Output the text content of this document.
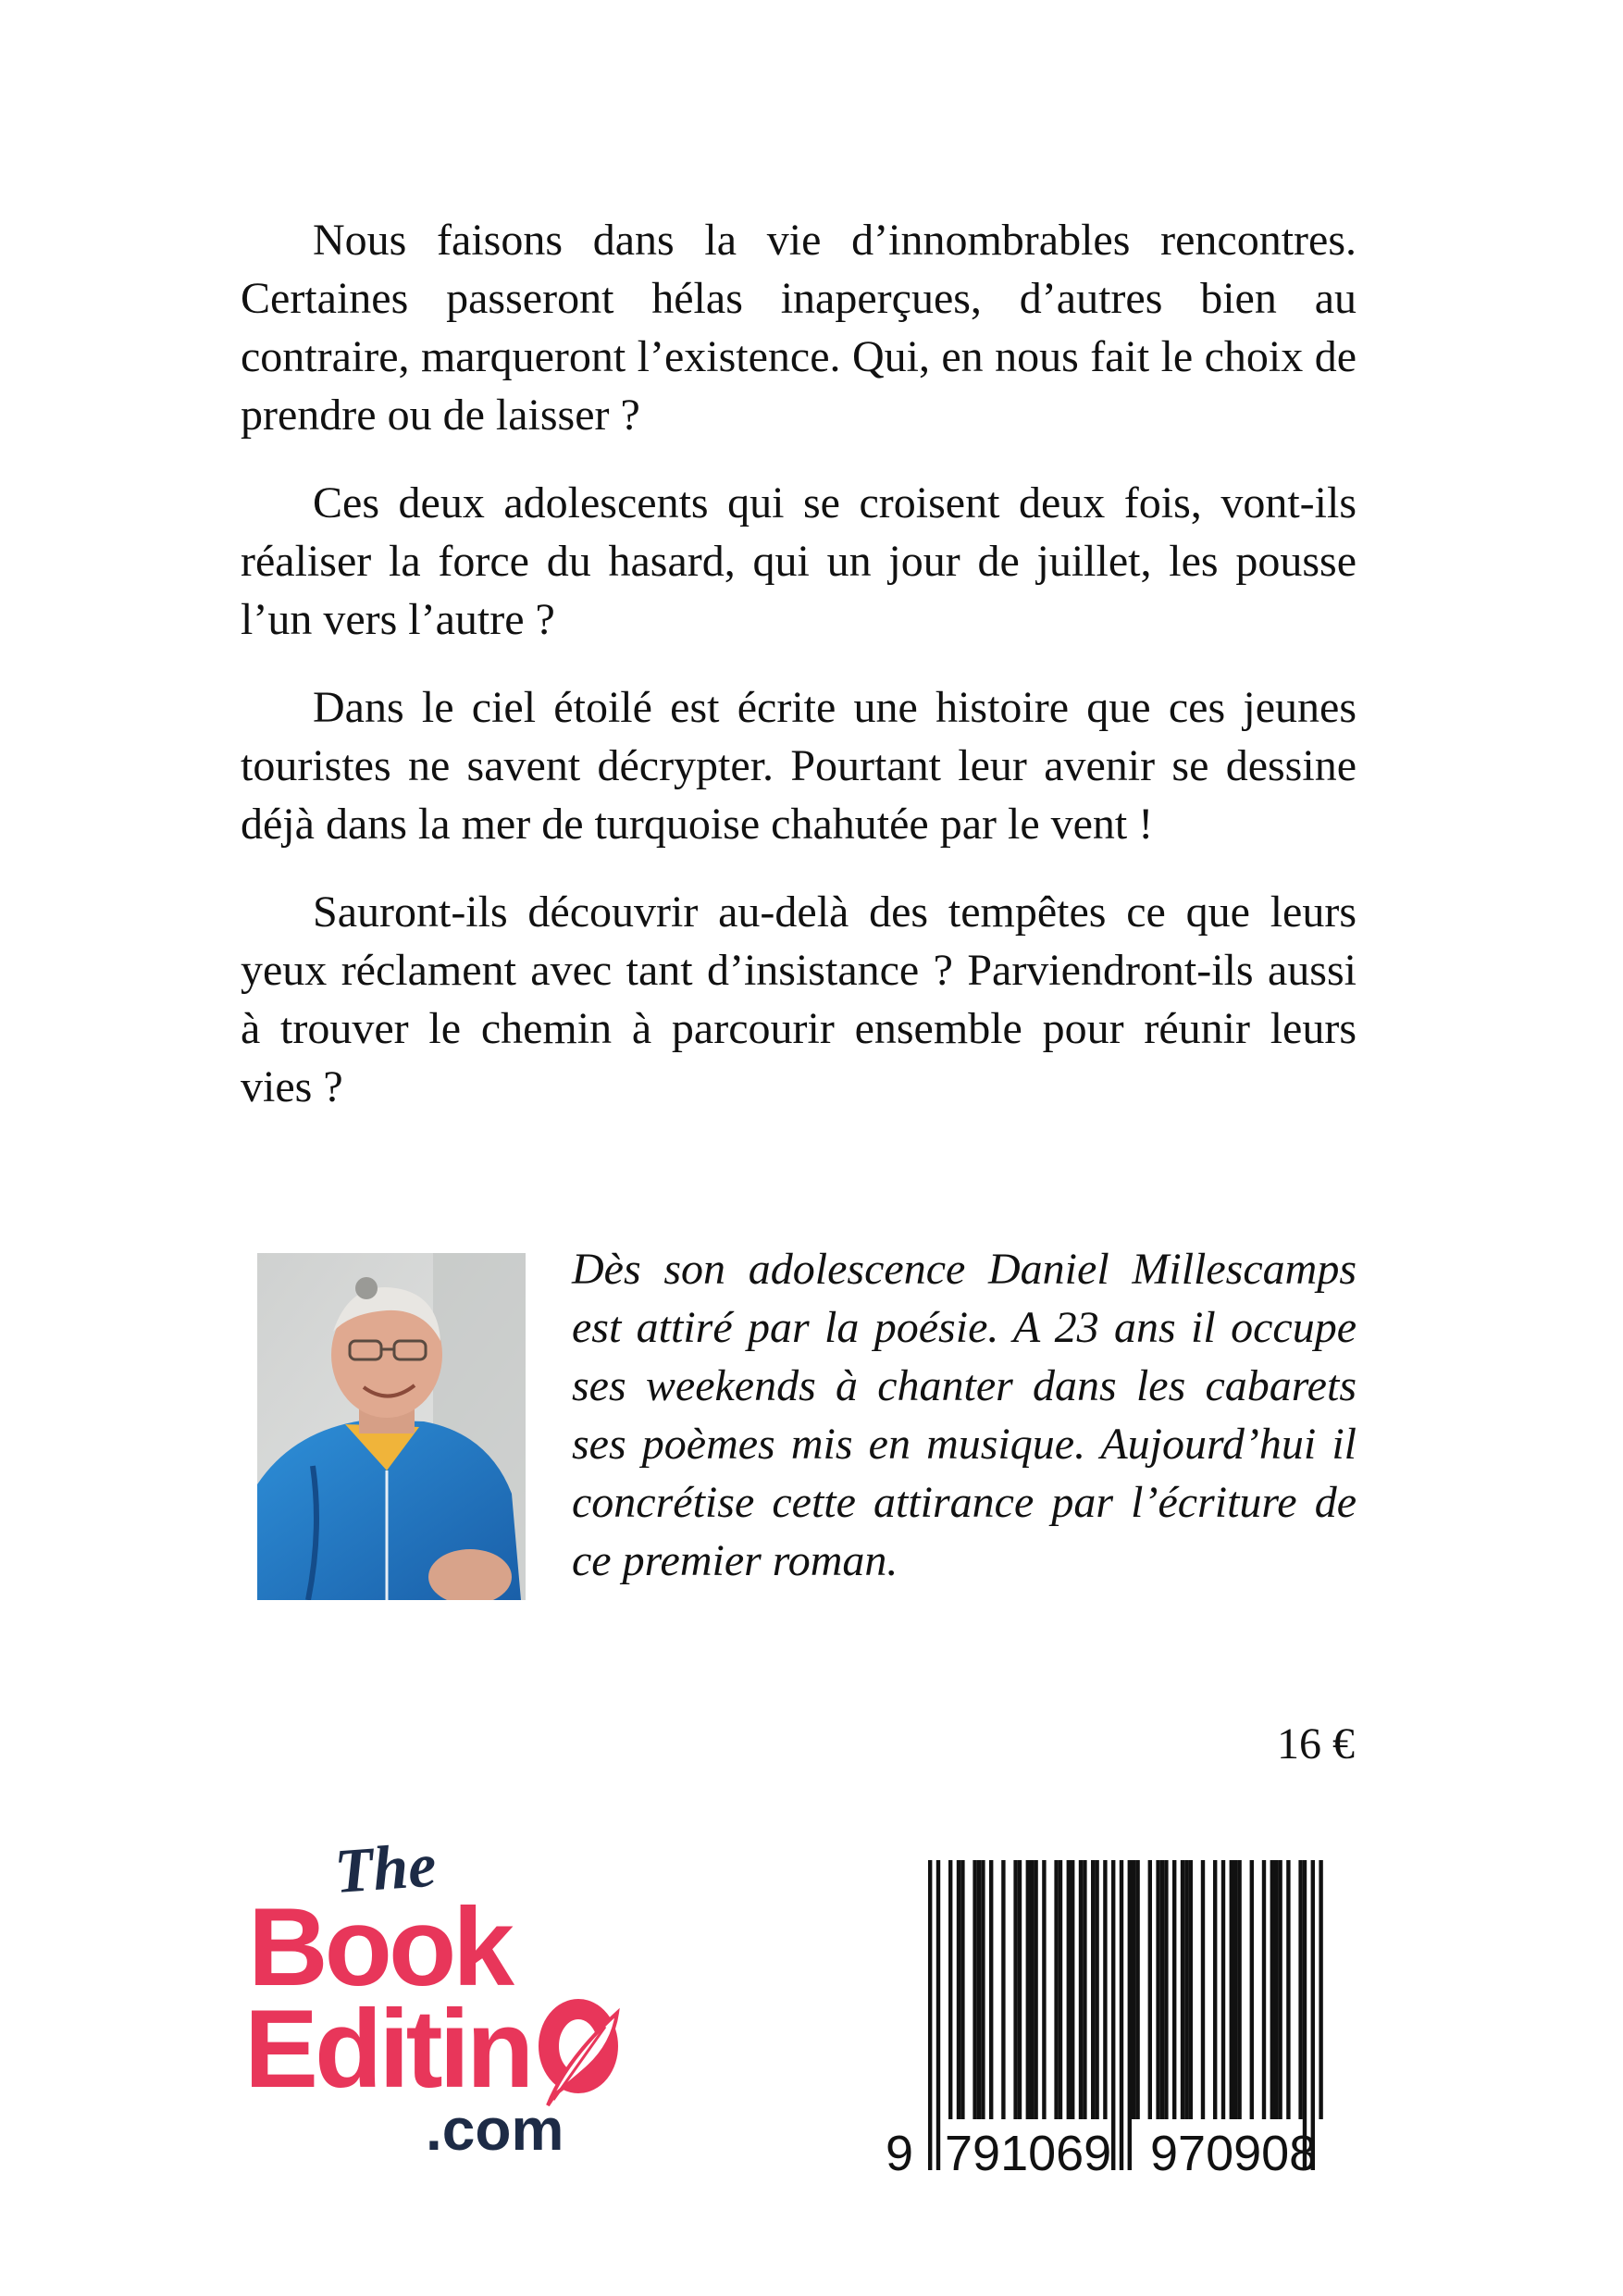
Nous faisons dans la vie d’innombrables rencontres. Certaines passeront hélas inaperçues, d’autres bien au contraire, marqueront l’existence. Qui, en nous fait le choix de prendre ou de laisser ?

Ces deux adolescents qui se croisent deux fois, vont-ils réaliser la force du hasard, qui un jour de juillet, les pousse l’un vers l’autre ?

Dans le ciel étoilé est écrite une histoire que ces jeunes touristes ne savent décrypter. Pourtant leur avenir se dessine déjà dans la mer de turquoise chahutée par le vent !

Sauront-ils découvrir au-delà des tempêtes ce que leurs yeux réclament avec tant d’insistance ? Parviendront-ils aussi à trouver le chemin à parcourir ensemble pour réunir leurs vies ?

Dès son adolescence Daniel Millescamps est attiré par la poésie. A 23 ans il occupe ses weekends à chanter dans les cabarets ses poèmes mis en musique. Aujourd’hui il concrétise cette attirance par l’écriture de ce premier roman.

16 €
The
Book
Editin
.com	9 791069 970908
